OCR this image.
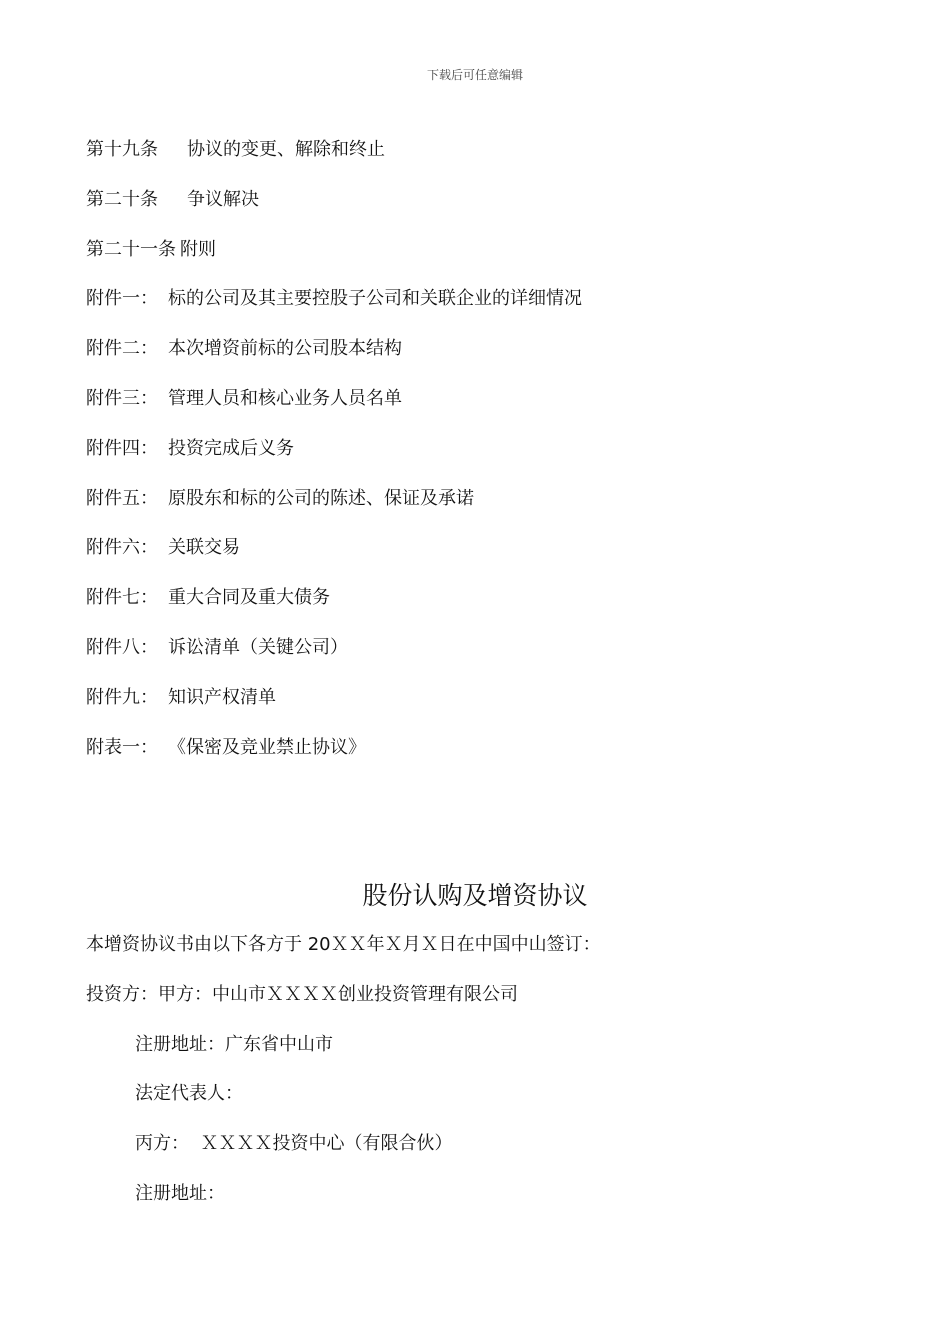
下载后可任意编辑
第十九条 协议的变更、解除和终止
第二十条 争议解决
第二十一条 附则
附件一： 标的公司及其主要控股子公司和关联企业的详细情况
附件二： 本次增资前标的公司股本结构
附件三： 管理人员和核心业务人员名单
附件四： 投资完成后义务
附件五： 原股东和标的公司的陈述、保证及承诺
附件六： 关联交易
附件七： 重大合同及重大债务
附件八： 诉讼清单（关键公司）
附件九： 知识产权清单
附表一： 《保密及竞业禁止协议》
股份认购及增资协议
本增资协议书由以下各方于 20ＸＸ年Ｘ月Ｘ日在中国中山签订：
投资方：甲方：中山市ＸＸＸＸ创业投资管理有限公司
注册地址：广东省中山市
法定代表人：
丙方：  ＸＸＸＸ投资中心（有限合伙）
注册地址：
